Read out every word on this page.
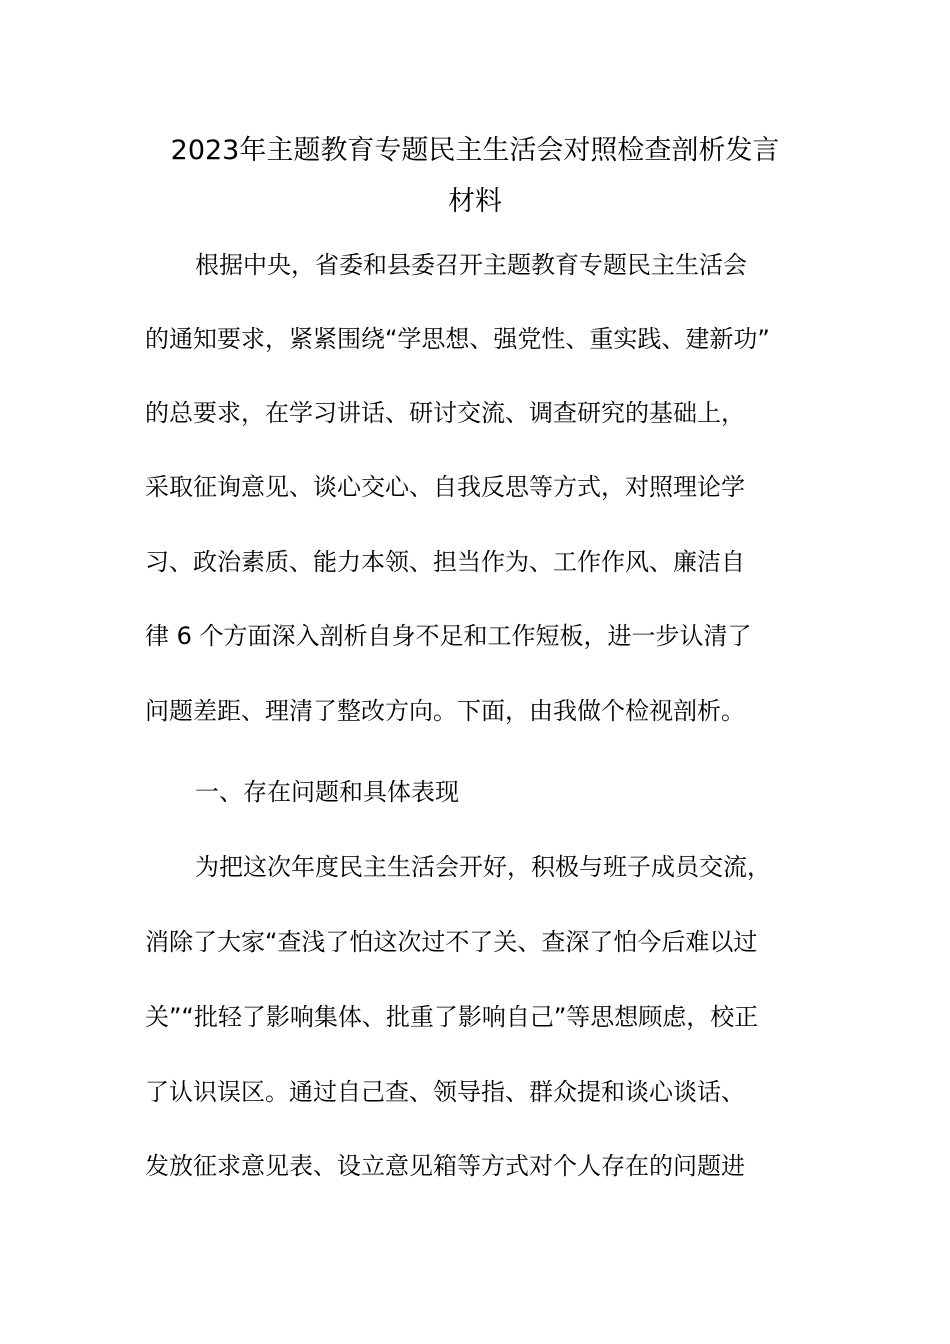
2023年主题教育专题民主生活会对照检查剖析发言
材料

根据中央，省委和县委召开主题教育专题民主生活会

的通知要求，紧紧围绕“学思想、强党性、重实践、建新功”

的总要求，在学习讲话、研讨交流、调查研究的基础上，

采取征询意见、谈心交心、自我反思等方式，对照理论学

习、政治素质、能力本领、担当作为、工作作风、廉洁自

律 6 个方面深入剖析自身不足和工作短板，进一步认清了

问题差距、理清了整改方向。下面，由我做个检视剖析。

一、存在问题和具体表现

为把这次年度民主生活会开好，积极与班子成员交流，

消除了大家“查浅了怕这次过不了关、查深了怕今后难以过

关”“批轻了影响集体、批重了影响自己”等思想顾虑，校正

了认识误区。通过自己查、领导指、群众提和谈心谈话、

发放征求意见表、设立意见箱等方式对个人存在的问题进
